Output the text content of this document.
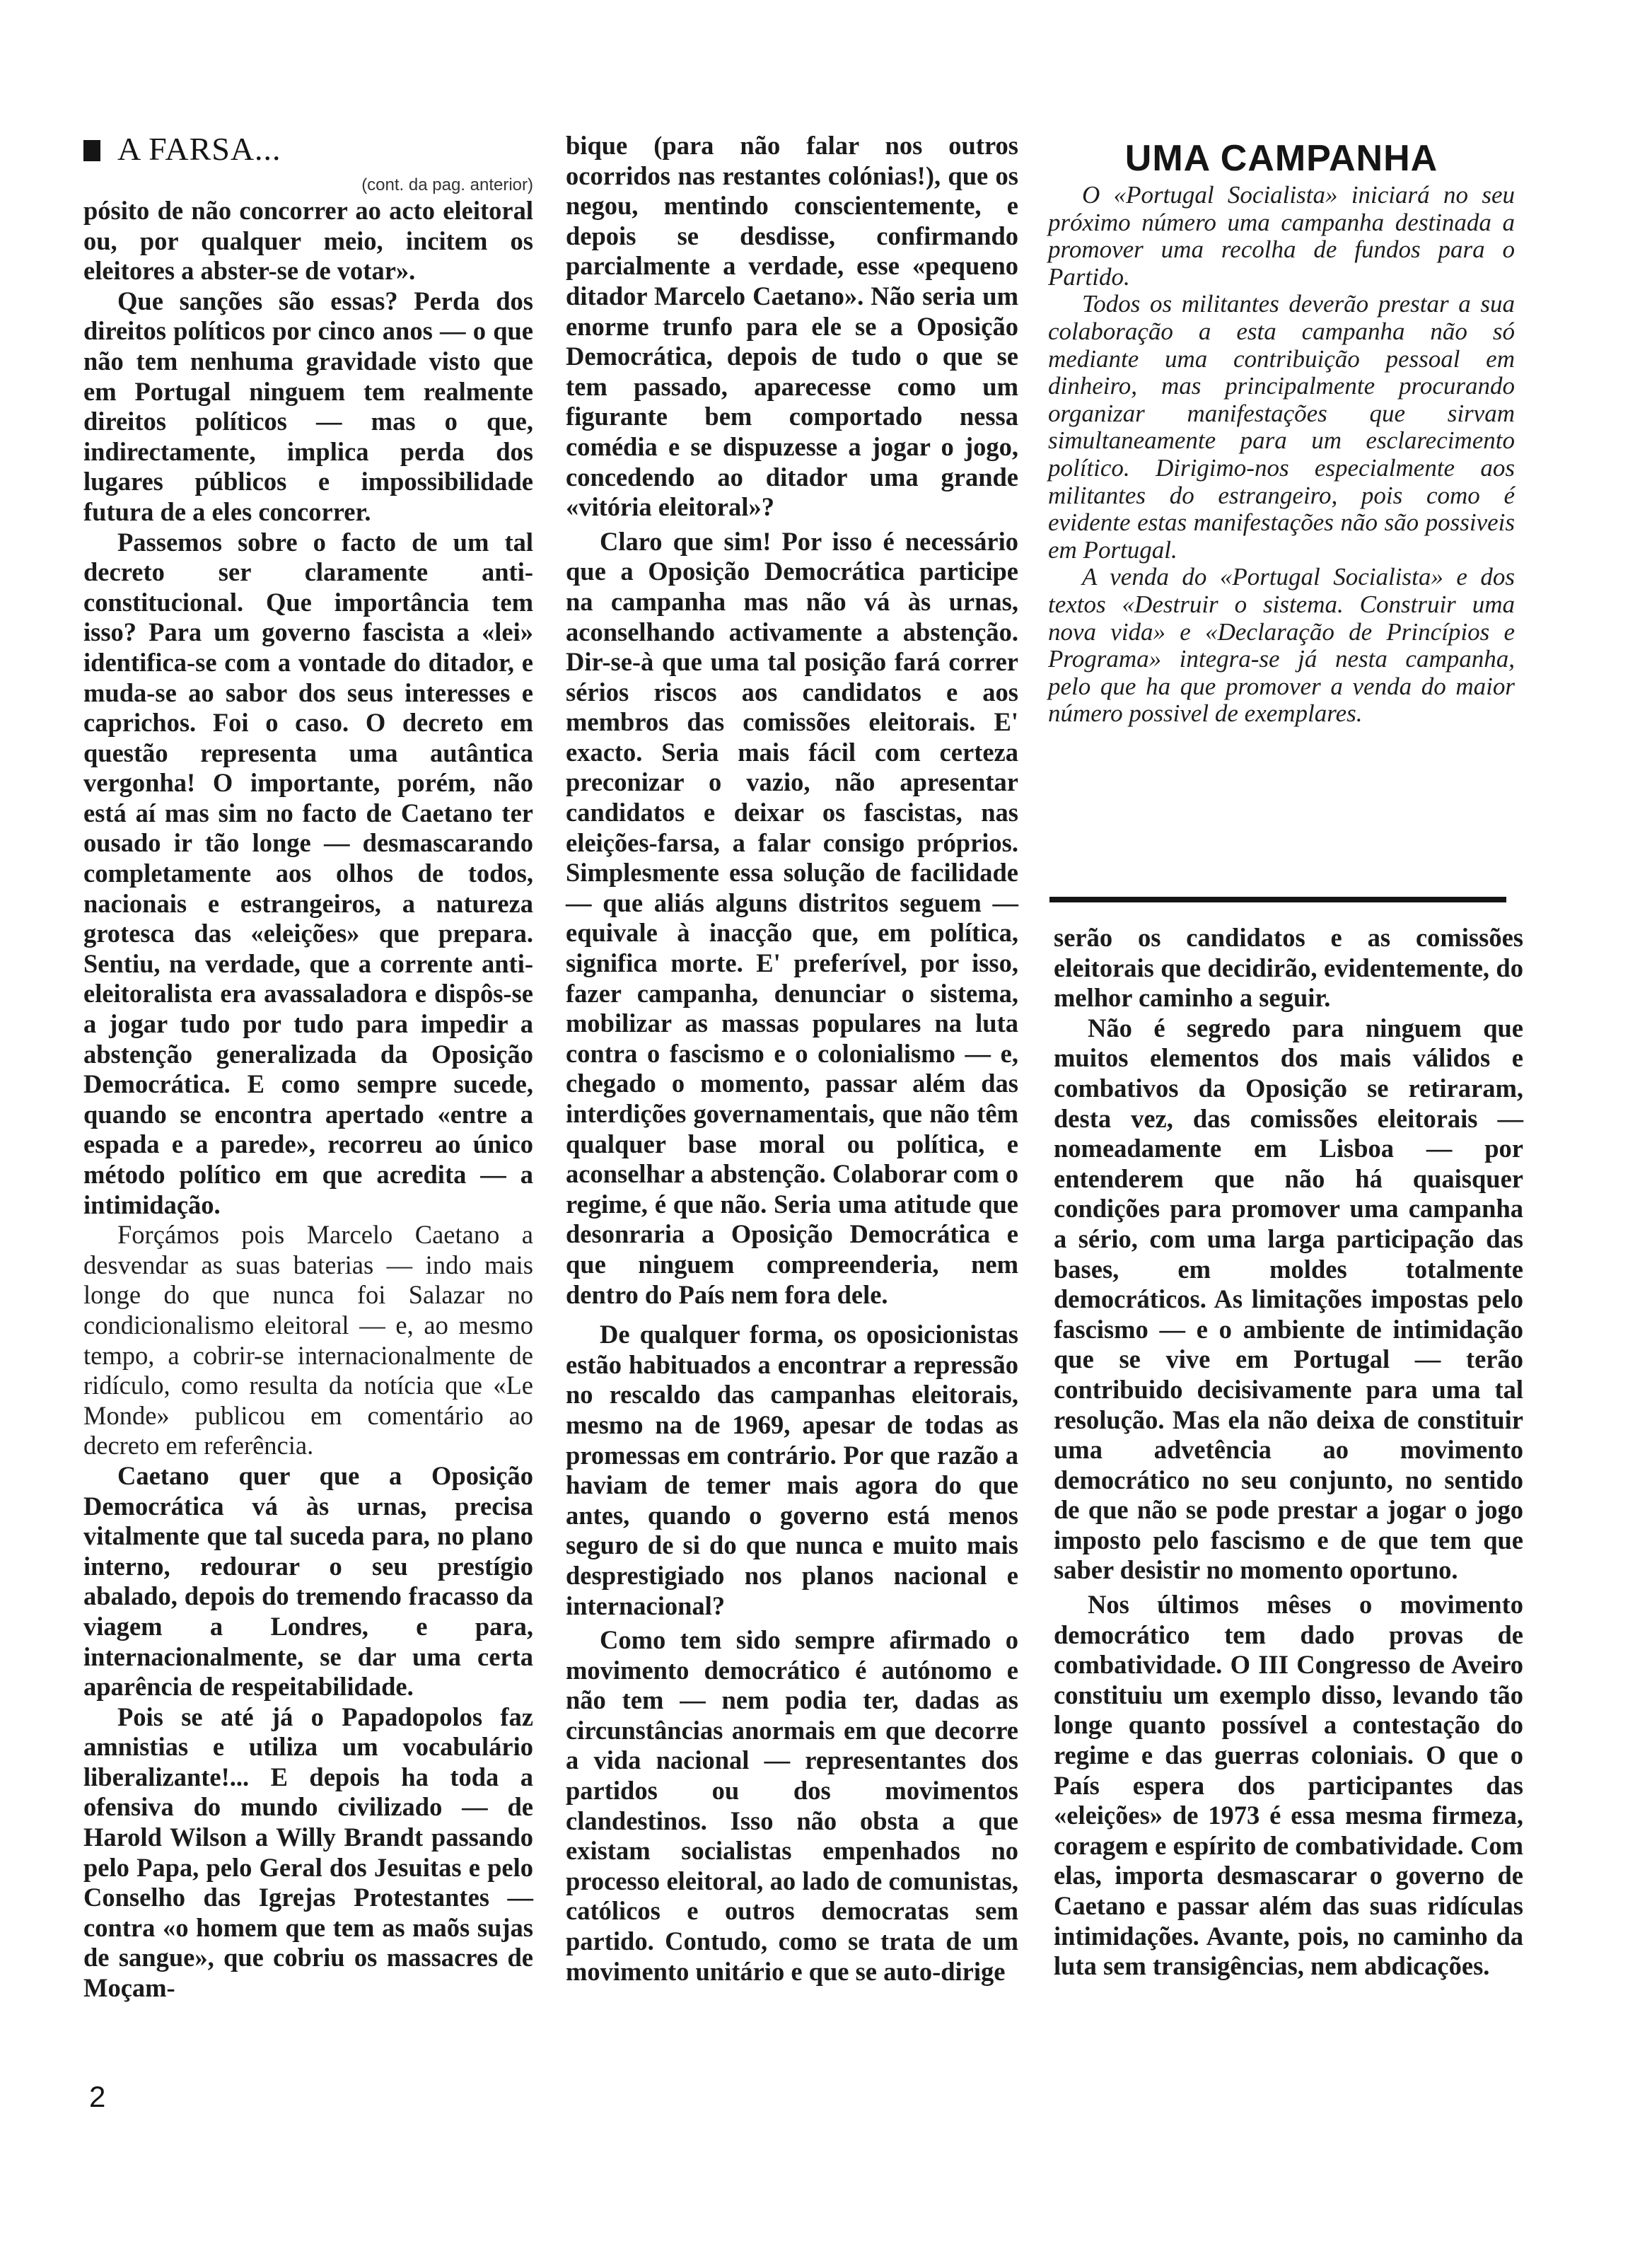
A FARSA...
(cont. da pag. anterior)

pósito de não concorrer ao acto eleitoral ou, por qualquer meio, incitem os eleitores a abster-se de votar».

Que sanções são essas? Perda dos direitos políticos por cinco anos — o que não tem nenhuma gravidade visto que em Portugal ninguem tem realmente direitos políticos — mas o que, indirectamente, implica perda dos lugares públicos e impossibilidade futura de a eles concorrer.

Passemos sobre o facto de um tal decreto ser claramente anti-constitucional. Que importância tem isso? Para um governo fascista a «lei» identifica-se com a vontade do ditador, e muda-se ao sabor dos seus interesses e caprichos. Foi o caso. O decreto em questão representa uma autântica vergonha! O importante, porém, não está aí mas sim no facto de Caetano ter ousado ir tão longe — desmascarando completamente aos olhos de todos, nacionais e estrangeiros, a natureza grotesca das «eleições» que prepara. Sentiu, na verdade, que a corrente anti-eleitoralista era avassaladora e dispôs-se a jogar tudo por tudo para impedir a abstenção generalizada da Oposição Democrática. E como sempre sucede, quando se encontra apertado «entre a espada e a parede», recorreu ao único método político em que acredita — a intimidação.

Forçámos pois Marcelo Caetano a desvendar as suas baterias — indo mais longe do que nunca foi Salazar no condicionalismo eleitoral — e, ao mesmo tempo, a cobrir-se internacionalmente de ridículo, como resulta da notícia que «Le Monde» publicou em comentário ao decreto em referência.

Caetano quer que a Oposição Democrática vá às urnas, precisa vitalmente que tal suceda para, no plano interno, redourar o seu prestígio abalado, depois do tremendo fracasso da viagem a Londres, e para, internacionalmente, se dar uma certa aparência de respeitabilidade.

Pois se até já o Papadopolos faz amnistias e utiliza um vocabulário liberalizante!... E depois ha toda a ofensiva do mundo civilizado — de Harold Wilson a Willy Brandt passando pelo Papa, pelo Geral dos Jesuitas e pelo Conselho das Igrejas Protestantes — contra «o homem que tem as maõs sujas de sangue», que cobriu os massacres de Moçam-

bique (para não falar nos outros ocorridos nas restantes colónias!), que os negou, mentindo conscientemente, e depois se desdisse, confirmando parcialmente a verdade, esse «pequeno ditador Marcelo Caetano». Não seria um enorme trunfo para ele se a Oposição Democrática, depois de tudo o que se tem passado, aparecesse como um figurante bem comportado nessa comédia e se dispuzesse a jogar o jogo, concedendo ao ditador uma grande «vitória eleitoral»?

Claro que sim! Por isso é necessário que a Oposição Democrática participe na campanha mas não vá às urnas, aconselhando activamente a abstenção. Dir-se-à que uma tal posição fará correr sérios riscos aos candidatos e aos membros das comissões eleitorais. E' exacto. Seria mais fácil com certeza preconizar o vazio, não apresentar candidatos e deixar os fascistas, nas eleições-farsa, a falar consigo próprios. Simplesmente essa solução de facilidade — que aliás alguns distritos seguem — equivale à inacção que, em política, significa morte. E' preferível, por isso, fazer campanha, denunciar o sistema, mobilizar as massas populares na luta contra o fascismo e o colonialismo — e, chegado o momento, passar além das interdições governamentais, que não têm qualquer base moral ou política, e aconselhar a abstenção. Colaborar com o regime, é que não. Seria uma atitude que desonraria a Oposição Democrática e que ninguem compreenderia, nem dentro do País nem fora dele.

De qualquer forma, os oposicionistas estão habituados a encontrar a repressão no rescaldo das campanhas eleitorais, mesmo na de 1969, apesar de todas as promessas em contrário. Por que razão a haviam de temer mais agora do que antes, quando o governo está menos seguro de si do que nunca e muito mais desprestigiado nos planos nacional e internacional?

Como tem sido sempre afirmado o movimento democrático é autónomo e não tem — nem podia ter, dadas as circunstâncias anormais em que decorre a vida nacional — representantes dos partidos ou dos movimentos clandestinos. Isso não obsta a que existam socialistas empenhados no processo eleitoral, ao lado de comunistas, católicos e outros democratas sem partido. Contudo, como se trata de um movimento unitário e que se auto-dirige

UMA CAMPANHA

O «Portugal Socialista» iniciará no seu próximo número uma campanha destinada a promover uma recolha de fundos para o Partido.

Todos os militantes deverão prestar a sua colaboração a esta campanha não só mediante uma contribuição pessoal em dinheiro, mas principalmente procurando organizar manifestações que sirvam simultaneamente para um esclarecimento político. Dirigimo-nos especialmente aos militantes do estrangeiro, pois como é evidente estas manifestações não são possiveis em Portugal.

A venda do «Portugal Socialista» e dos textos «Destruir o sistema. Construir uma nova vida» e «Declaração de Princípios e Programa» integra-se já nesta campanha, pelo que ha que promover a venda do maior número possivel de exemplares.

serão os candidatos e as comissões eleitorais que decidirão, evidentemente, do melhor caminho a seguir.

Não é segredo para ninguem que muitos elementos dos mais válidos e combativos da Oposição se retiraram, desta vez, das comissões eleitorais — nomeadamente em Lisboa — por entenderem que não há quaisquer condições para promover uma campanha a sério, com uma larga participação das bases, em moldes totalmente democráticos. As limitações impostas pelo fascismo — e o ambiente de intimidação que se vive em Portugal — terão contribuido decisivamente para uma tal resolução. Mas ela não deixa de constituir uma advetência ao movimento democrático no seu conjunto, no sentido de que não se pode prestar a jogar o jogo imposto pelo fascismo e de que tem que saber desistir no momento oportuno.

Nos últimos mêses o movimento democrático tem dado provas de combatividade. O III Congresso de Aveiro constituiu um exemplo disso, levando tão longe quanto possível a contestação do regime e das guerras coloniais. O que o País espera dos participantes das «eleições» de 1973 é essa mesma firmeza, coragem e espírito de combatividade. Com elas, importa desmascarar o governo de Caetano e passar além das suas ridículas intimidações. Avante, pois, no caminho da luta sem transigências, nem abdicações.

2
